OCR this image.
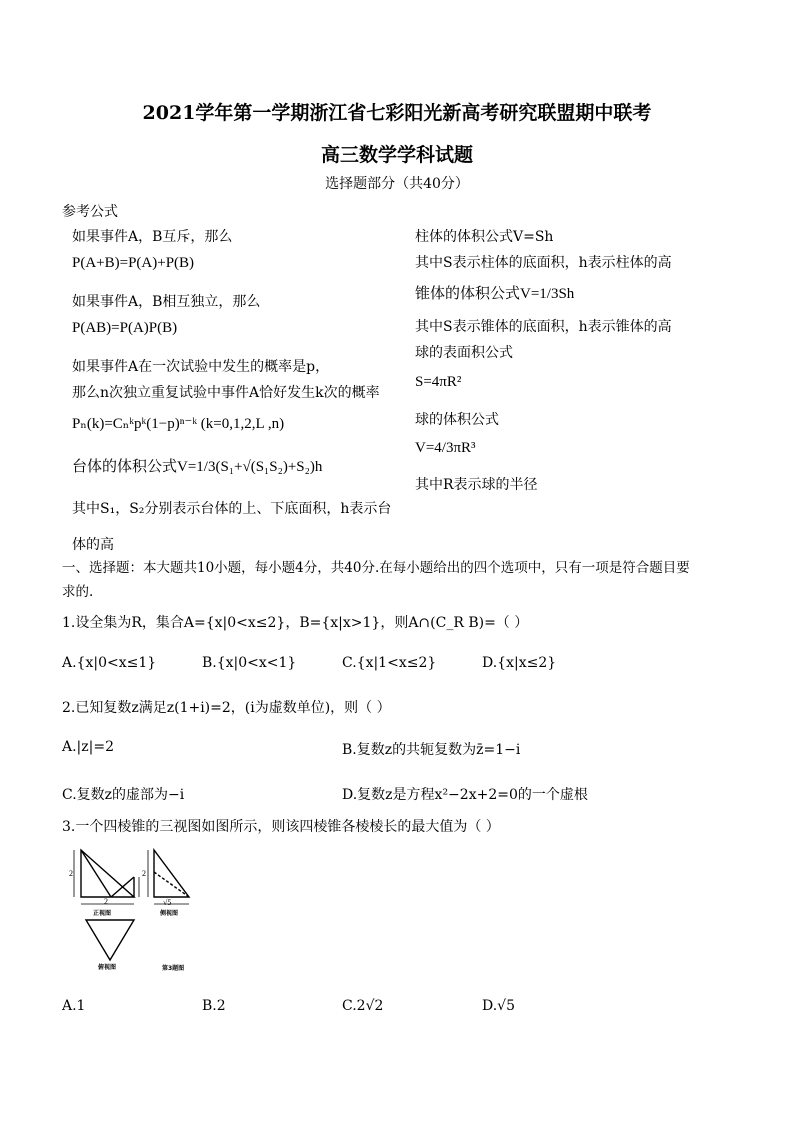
2021学年第一学期浙江省七彩阳光新高考研究联盟期中联考
高三数学学科试题
选择题部分（共40分）
参考公式
如果事件A，B互斥，那么
P(A+B)=P(A)+P(B)
如果事件A，B相互独立，那么
P(AB)=P(A)P(B)
如果事件A在一次试验中发生的概率是p，
那么n次独立重复试验中事件A恰好发生k次的概率
Pₙ(k)=Cₙᵏpᵏ(1−p)ⁿ⁻ᵏ (k=0,1,2,L ,n)
台体的体积公式V=1/3(S₁+√(S₁S₂)+S₂)h
其中S₁，S₂分别表示台体的上、下底面积，h表示台
体的高
柱体的体积公式V=Sh
其中S表示柱体的底面积，h表示柱体的高
锥体的体积公式V=1/3Sh
其中S表示锥体的底面积，h表示锥体的高
球的表面积公式
S=4πR²
球的体积公式
V=4/3πR³
其中R表示球的半径
一、选择题：本大题共10小题，每小题4分，共40分.在每小题给出的四个选项中，只有一项是符合题目要
求的.
1.设全集为R，集合A={x|0<x≤2}，B={x|x>1}，则A∩(C_R B)=（ ）
A.{x|0<x≤1}	B.{x|0<x<1}	C.{x|1<x≤2}	D.{x|x≤2}
2.已知复数z满足z(1+i)=2，(i为虚数单位)，则（ ）
A.|z|=2	B.复数z的共轭复数为z̄=1−i
C.复数z的虚部为−i	D.复数z是方程x²−2x+2=0的一个虚根
3.一个四棱锥的三视图如图所示，则该四棱锥各棱棱长的最大值为（ ）
2
2
2
√5
正视图	侧视图
俯视图	第3题图
A.1	B.2	C.2√2	D.√5
